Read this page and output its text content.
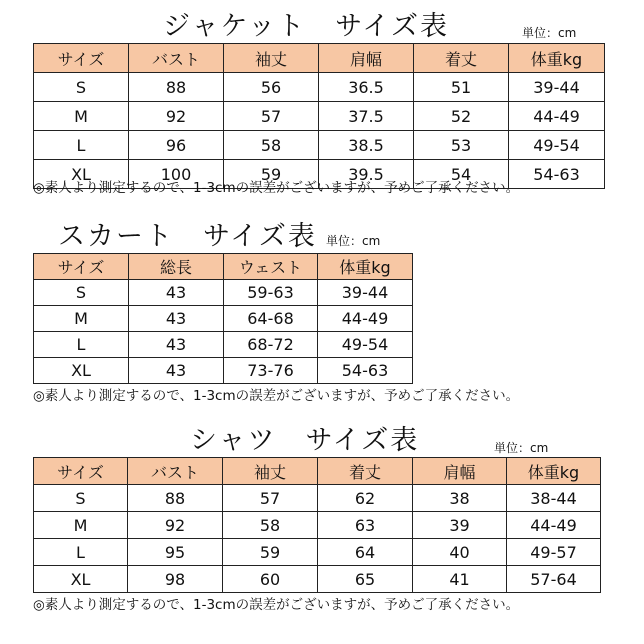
ジャケット　サイズ表	単位：cm
サイズ	バスト	袖丈	肩幅	着丈	体重kg
S	88	56	36.5	51	39-44
M	92	57	37.5	52	44-49
L	96	58	38.5	53	49-54
XL	100	59	39.5	54	54-63
◎素人より測定するので、1-3cmの誤差がございますが、予めご了承ください。
スカート　サイズ表 単位：cm
サイズ	総長	ウェスト	体重kg
S	43	59-63	39-44
M	43	64-68	44-49
L	43	68-72	49-54
XL	43	73-76	54-63
◎素人より測定するので、1-3cmの誤差がございますが、予めご了承ください。
シャツ　サイズ表	単位：cm
サイズ	バスト	袖丈	着丈	肩幅	体重kg
S	88	57	62	38	38-44
M	92	58	63	39	44-49
L	95	59	64	40	49-57
XL	98	60	65	41	57-64
◎素人より測定するので、1-3cmの誤差がございますが、予めご了承ください。
